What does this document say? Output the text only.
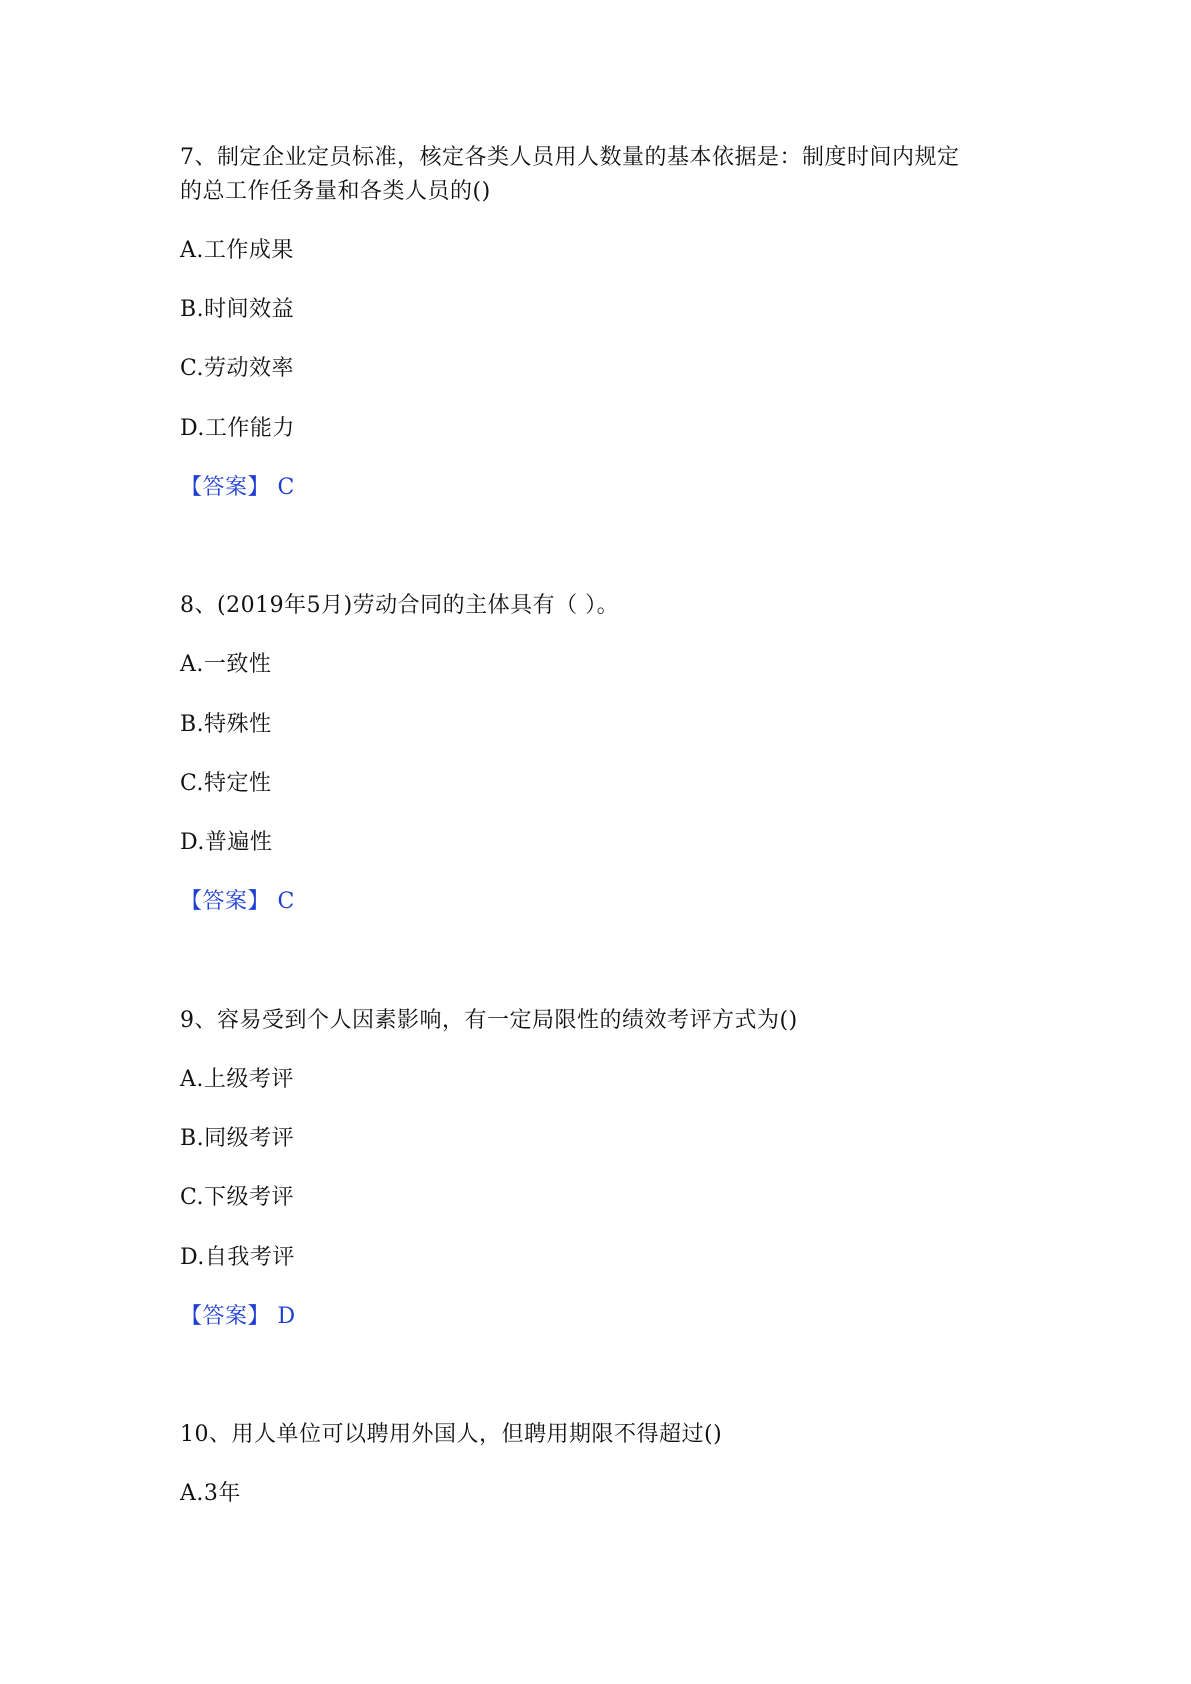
7、制定企业定员标准，核定各类人员用人数量的基本依据是：制度时间内规定
的总工作任务量和各类人员的()
A.工作成果
B.时间效益
C.劳动效率
D.工作能力
【答案】 C
8、(2019年5月)劳动合同的主体具有（ ）。
A.一致性
B.特殊性
C.特定性
D.普遍性
【答案】 C
9、容易受到个人因素影响，有一定局限性的绩效考评方式为()
A.上级考评
B.同级考评
C.下级考评
D.自我考评
【答案】 D
10、用人单位可以聘用外国人，但聘用期限不得超过()
A.3年
